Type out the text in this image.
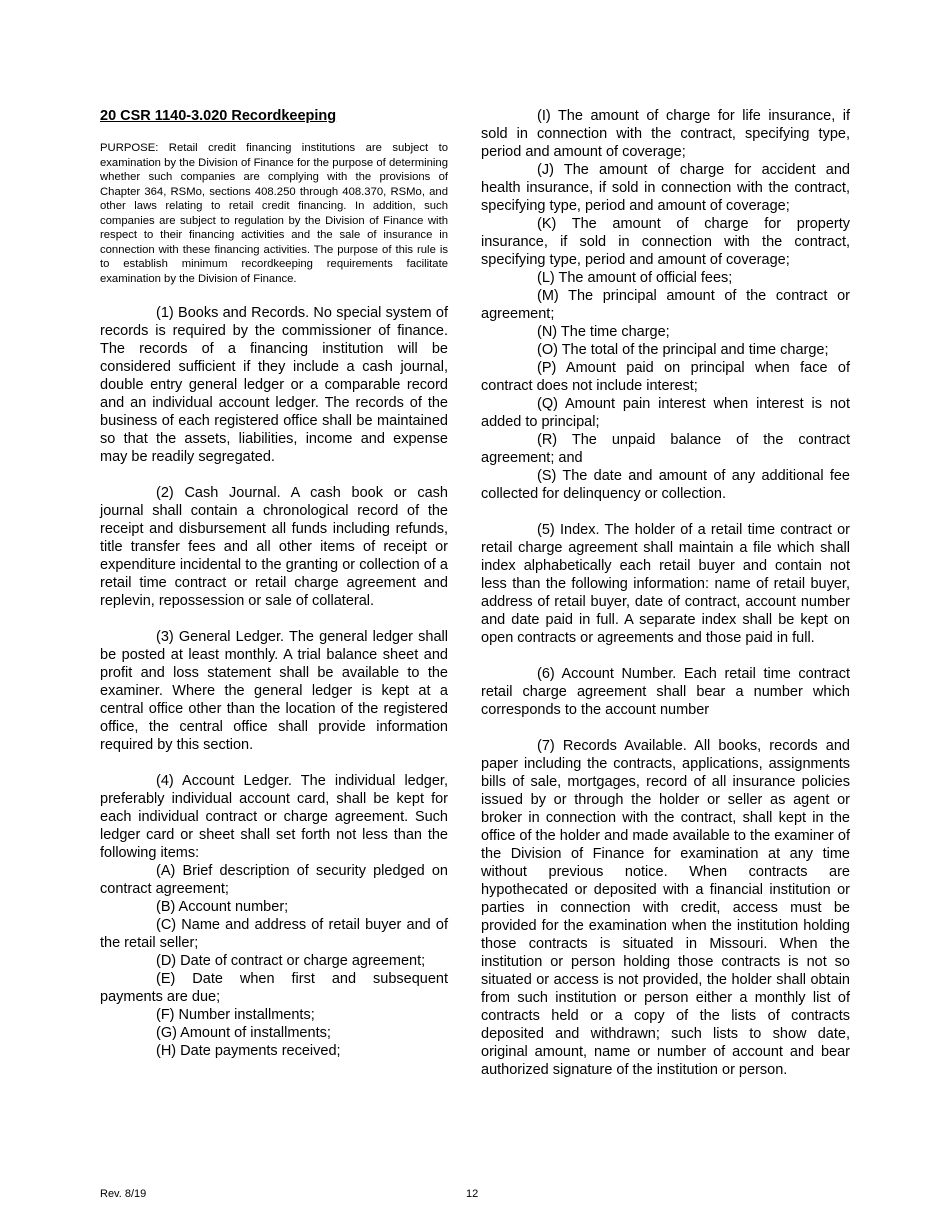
20 CSR 1140-3.020 Recordkeeping
PURPOSE: Retail credit financing institutions are subject to examination by the Division of Finance for the purpose of determining whether such companies are complying with the provisions of Chapter 364, RSMo, sections 408.250 through 408.370, RSMo, and other laws relating to retail credit financing. In addition, such companies are subject to regulation by the Division of Finance with respect to their financing activities and the sale of insurance in connection with these financing activities. The purpose of this rule is to establish minimum recordkeeping requirements facilitate examination by the Division of Finance.

(1) Books and Records. No special system of records is required by the commissioner of finance. The records of a financing institution will be considered sufficient if they include a cash journal, double entry general ledger or a comparable record and an individual account ledger. The records of the business of each registered office shall be maintained so that the assets, liabilities, income and expense may be readily segregated.

(2) Cash Journal. A cash book or cash journal shall contain a chronological record of the receipt and disbursement all funds including refunds, title transfer fees and all other items of receipt or expenditure incidental to the granting or collection of a retail time contract or retail charge agreement and replevin, repossession or sale of collateral.

(3) General Ledger. The general ledger shall be posted at least monthly. A trial balance sheet and profit and loss statement shall be available to the examiner. Where the general ledger is kept at a central office other than the location of the registered office, the central office shall provide information required by this section.

(4) Account Ledger. The individual ledger, preferably individual account card, shall be kept for each individual contract or charge agreement. Such ledger card or sheet shall set forth not less than the following items:

(A) Brief description of security pledged on contract agreement;

(B) Account number;

(C) Name and address of retail buyer and of the retail seller;

(D) Date of contract or charge agreement;

(E) Date when first and subsequent payments are due;

(F) Number installments;

(G) Amount of installments;

(H) Date payments received;

(I) The amount of charge for life insurance, if sold in connection with the contract, specifying type, period and amount of coverage;

(J) The amount of charge for accident and health insurance, if sold in connection with the contract, specifying type, period and amount of coverage;

(K) The amount of charge for property insurance, if sold in connection with the contract, specifying type, period and amount of coverage;

(L) The amount of official fees;

(M) The principal amount of the contract or agreement;

(N) The time charge;

(O) The total of the principal and time charge;

(P) Amount paid on principal when face of contract does not include interest;

(Q) Amount pain interest when interest is not added to principal;

(R) The unpaid balance of the contract agreement; and

(S) The date and amount of any additional fee collected for delinquency or collection.

(5) Index. The holder of a retail time contract or retail charge agreement shall maintain a file which shall index alphabetically each retail buyer and contain not less than the following information: name of retail buyer, address of retail buyer, date of contract, account number and date paid in full. A separate index shall be kept on open contracts or agreements and those paid in full.

(6) Account Number. Each retail time contract retail charge agreement shall bear a number which corresponds to the account number

(7) Records Available. All books, records and paper including the contracts, applications, assignments bills of sale, mortgages, record of all insurance policies issued by or through the holder or seller as agent or broker in connection with the contract, shall kept in the office of the holder and made available to the examiner of the Division of Finance for examination at any time without previous notice. When contracts are hypothecated or deposited with a financial institution or parties in connection with credit, access must be provided for the examination when the institution holding those contracts is situated in Missouri. When the institution or person holding those contracts is not so situated or access is not provided, the holder shall obtain from such institution or person either a monthly list of contracts held or a copy of the lists of contracts deposited and withdrawn; such lists to show date, original amount, name or number of account and bear authorized signature of the institution or person.

Rev. 8/19	12
